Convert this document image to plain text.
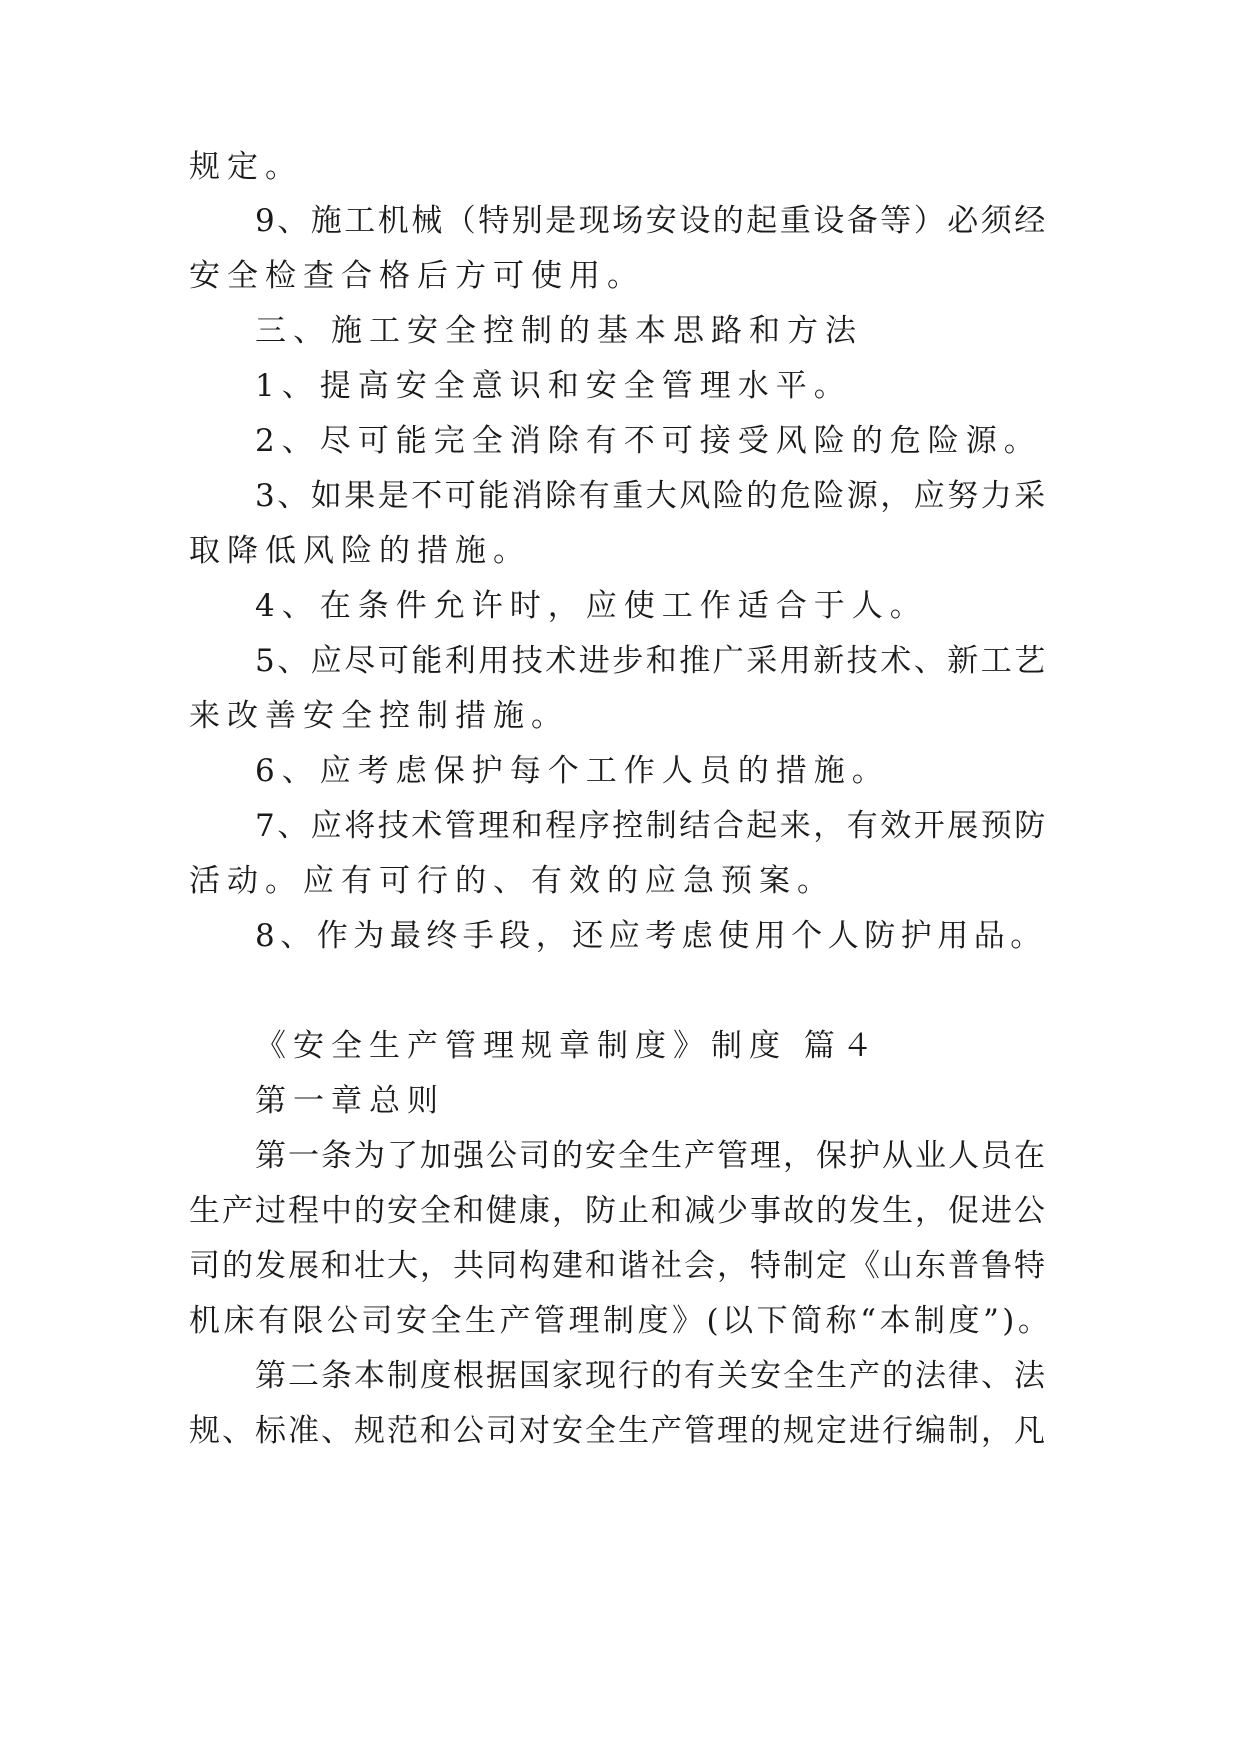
规定。
9、施工机械（特别是现场安设的起重设备等）必须经
安全检查合格后方可使用。
三、施工安全控制的基本思路和方法
1、提高安全意识和安全管理水平。
2、尽可能完全消除有不可接受风险的危险源。
3、如果是不可能消除有重大风险的危险源，应努力采
取降低风险的措施。
4、在条件允许时，应使工作适合于人。
5、应尽可能利用技术进步和推广采用新技术、新工艺
来改善安全控制措施。
6、应考虑保护每个工作人员的措施。
7、应将技术管理和程序控制结合起来，有效开展预防
活动。应有可行的、有效的应急预案。
8、作为最终手段，还应考虑使用个人防护用品。
《安全生产管理规章制度》制度 篇４
第一章总则
第一条为了加强公司的安全生产管理，保护从业人员在
生产过程中的安全和健康，防止和减少事故的发生，促进公
司的发展和壮大，共同构建和谐社会，特制定《山东普鲁特
机床有限公司安全生产管理制度》(以下简称“本制度”)。
第二条本制度根据国家现行的有关安全生产的法律、法
规、标准、规范和公司对安全生产管理的规定进行编制，凡
